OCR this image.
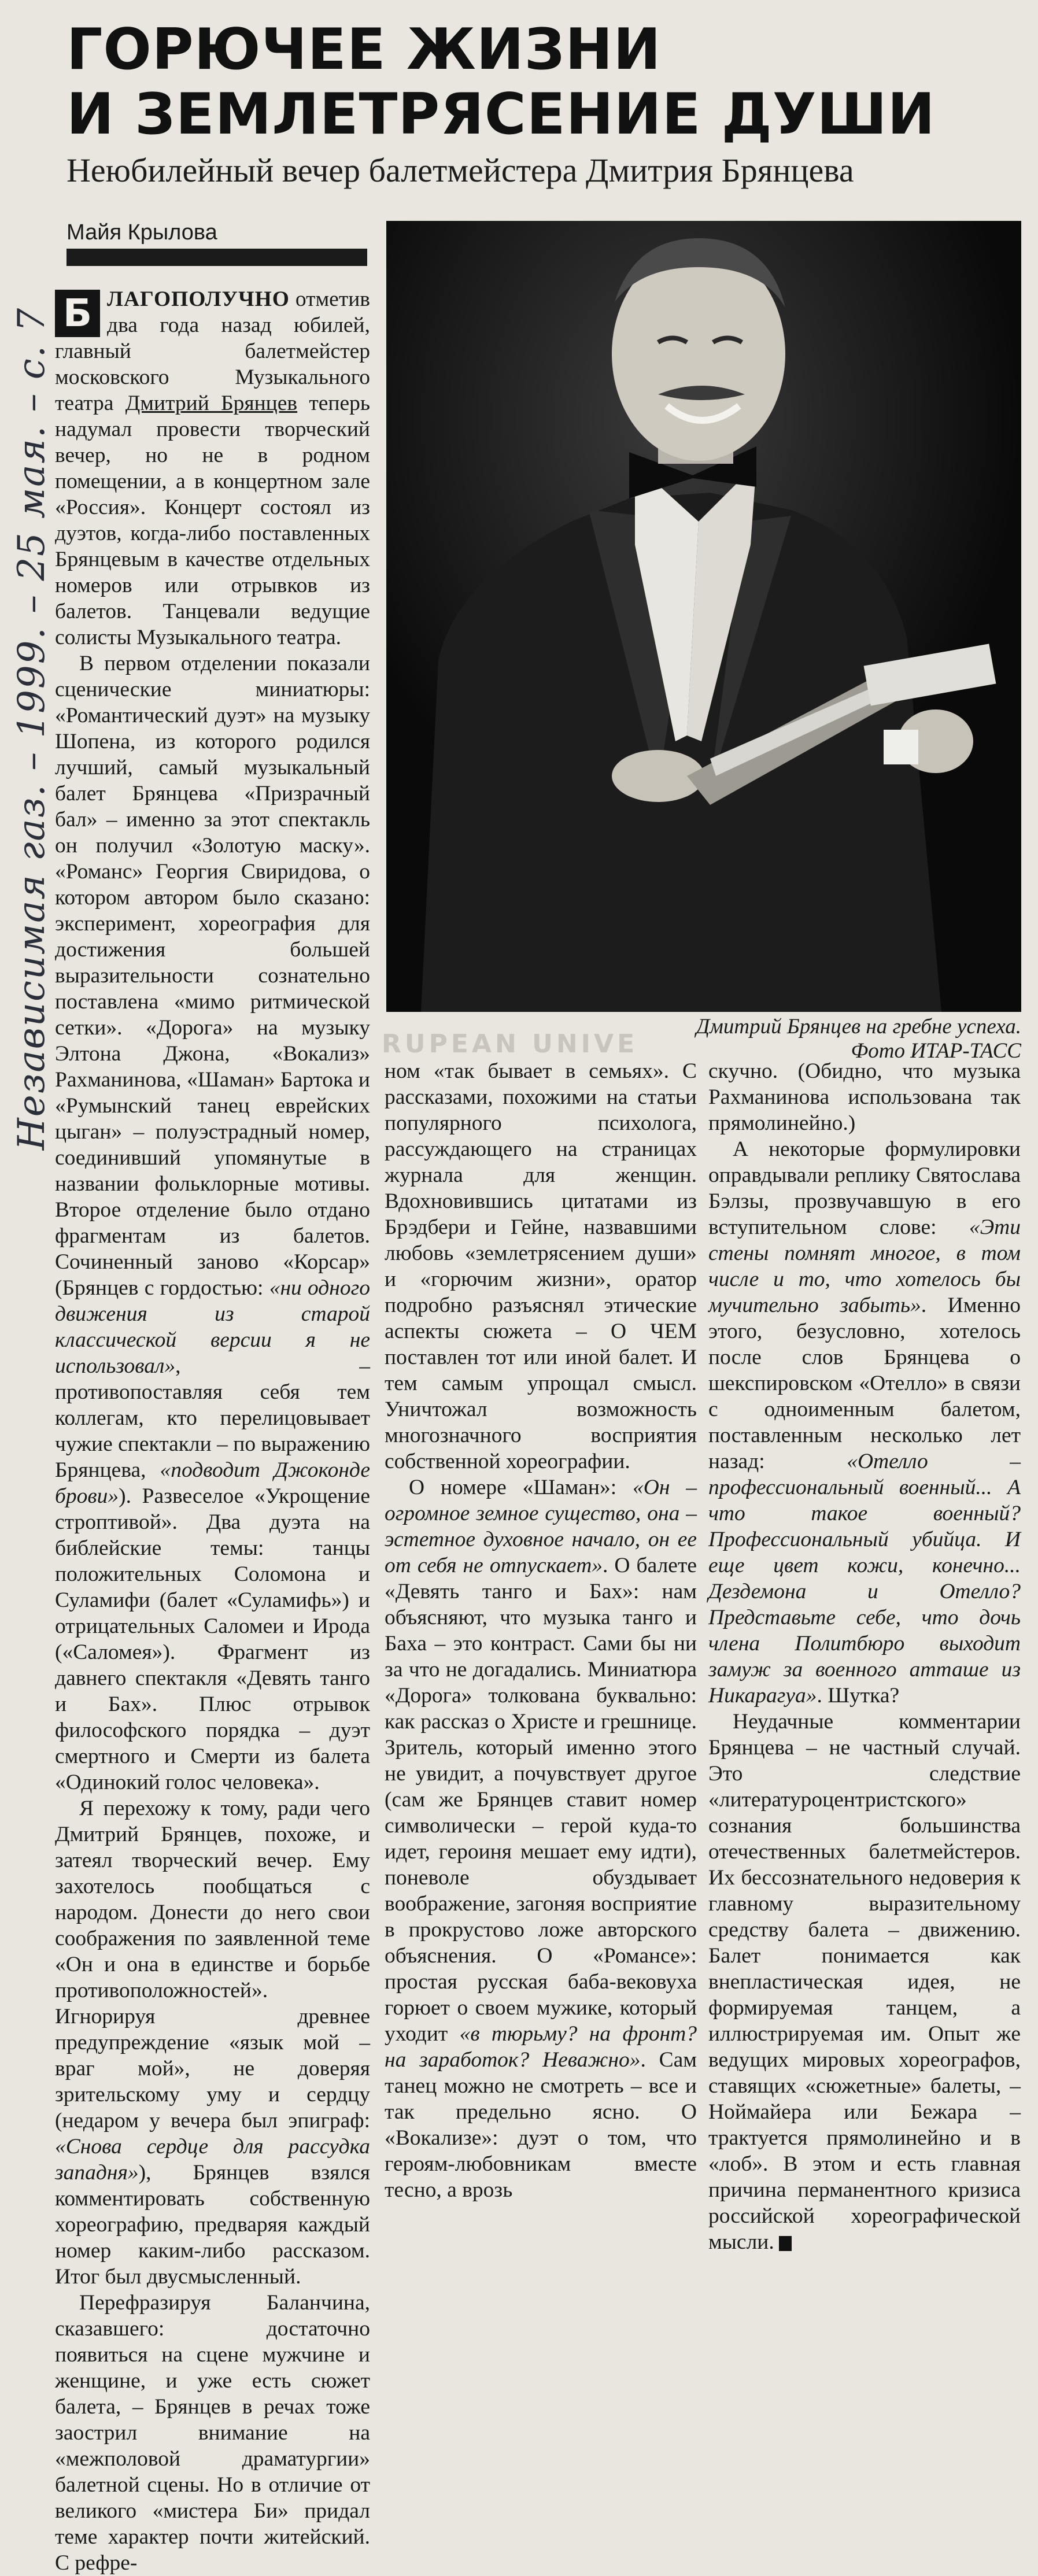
Независимая газ. – 1999. – 25 мая. – с. 7
ГОРЮЧЕЕ ЖИЗНИ
И ЗЕМЛЕТРЯСЕНИЕ ДУШИ
Неюбилейный вечер балетмейстера Дмитрия Брянцева
Майя Крылова

Б ЛАГОПОЛУЧНО отметив два года назад юбилей, главный балетмейстер московского Музыкального театра Дмитрий Брянцев теперь надумал провести творческий вечер, но не в родном помещении, а в концертном зале «Россия». Концерт состоял из дуэтов, когда-либо поставленных Брянцевым в качестве отдельных номеров или отрывков из балетов. Танцевали ведущие солисты Музыкального театра.

В первом отделении показали сценические миниатюры: «Романтический дуэт» на музыку Шопена, из которого родился лучший, самый музыкальный балет Брянцева «Призрачный бал» – именно за этот спектакль он получил «Золотую маску». «Романс» Георгия Свиридова, о котором автором было сказано: эксперимент, хореография для достижения большей выразительности сознательно поставлена «мимо ритмической сетки». «Дорога» на музыку Элтона Джона, «Вокализ» Рахманинова, «Шаман» Бартока и «Румынский танец еврейских цыган» – полуэстрадный номер, соединивший упомянутые в названии фольклорные мотивы. Второе отделение было отдано фрагментам из балетов. Сочиненный заново «Корсар» (Брянцев с гордостью: «ни одного движения из старой классической версии я не использовал», – противопоставляя себя тем коллегам, кто перелицовывает чужие спектакли – по выражению Брянцева, «подводит Джоконде брови»). Развеселое «Укрощение строптивой». Два дуэта на библейские темы: танцы положительных Соломона и Суламифи (балет «Суламифь») и отрицательных Саломеи и Ирода («Саломея»). Фрагмент из давнего спектакля «Девять танго и Бах». Плюс отрывок философского порядка – дуэт смертного и Смерти из балета «Одинокий голос человека».

Я перехожу к тому, ради чего Дмитрий Брянцев, похоже, и затеял творческий вечер. Ему захотелось пообщаться с народом. Донести до него свои соображения по заявленной теме «Он и она в единстве и борьбе противоположностей». Игнорируя древнее предупреждение «язык мой – враг мой», не доверяя зрительскому уму и сердцу (недаром у вечера был эпиграф: «Снова сердце для рассудка западня»), Брянцев взялся комментировать собственную хореографию, предваряя каждый номер каким-либо рассказом. Итог был двусмысленный.

Перефразируя Баланчина, сказавшего: достаточно появиться на сцене мужчине и женщине, и уже есть сюжет балета, – Брянцев в речах тоже заострил внимание на «межполовой драматургии» балетной сцены. Но в отличие от великого «мистера Би» придал теме характер почти житейский. С рефре-

Дмитрий Брянцев на гребне успеха.
Фото ИТАР-ТАСС
RUPEAN UNIVE

ном «так бывает в семьях». С рассказами, похожими на статьи популярного психолога, рассуждающего на страницах журнала для женщин. Вдохновившись цитатами из Брэдбери и Гейне, назвавшими любовь «землетрясением души» и «горючим жизни», оратор подробно разъяснял этические аспекты сюжета – О ЧЕМ поставлен тот или иной балет. И тем самым упрощал смысл. Уничтожал возможность многозначного восприятия собственной хореографии.

О номере «Шаман»: «Он – огромное земное существо, она – эстетное духовное начало, он ее от себя не отпускает». О балете «Девять танго и Бах»: нам объясняют, что музыка танго и Баха – это контраст. Сами бы ни за что не догадались. Миниатюра «Дорога» толкована буквально: как рассказ о Христе и грешнице. Зритель, который именно этого не увидит, а почувствует другое (сам же Брянцев ставит номер символически – герой куда-то идет, героиня мешает ему идти), поневоле обуздывает воображение, загоняя восприятие в прокрустово ложе авторского объяснения. О «Романсе»: простая русская баба-вековуха горюет о своем мужике, который уходит «в тюрьму? на фронт? на заработок? Неважно». Сам танец можно не смотреть – все и так предельно ясно. О «Вокализе»: дуэт о том, что героям-любовникам вместе тесно, а врозь

скучно. (Обидно, что музыка Рахманинова использована так прямолинейно.)

А некоторые формулировки оправдывали реплику Святослава Бэлзы, прозвучавшую в его вступительном слове: «Эти стены помнят многое, в том числе и то, что хотелось бы мучительно забыть». Именно этого, безусловно, хотелось после слов Брянцева о шекспировском «Отелло» в связи с одноименным балетом, поставленным несколько лет назад: «Отелло – профессиональный военный... А что такое военный? Профессиональный убийца. И еще цвет кожи, конечно... Дездемона и Отелло? Представьте себе, что дочь члена Политбюро выходит замуж за военного атташе из Никарагуа». Шутка?

Неудачные комментарии Брянцева – не частный случай. Это следствие «литературоцентристского» сознания большинства отечественных балетмейстеров. Их бессознательного недоверия к главному выразительному средству балета – движению. Балет понимается как внепластическая идея, не формируемая танцем, а иллюстрируемая им. Опыт же ведущих мировых хореографов, ставящих «сюжетные» балеты, – Ноймайера или Бежара – трактуется прямолинейно и в «лоб». В этом и есть главная причина перманентного кризиса российской хореографической мысли.
